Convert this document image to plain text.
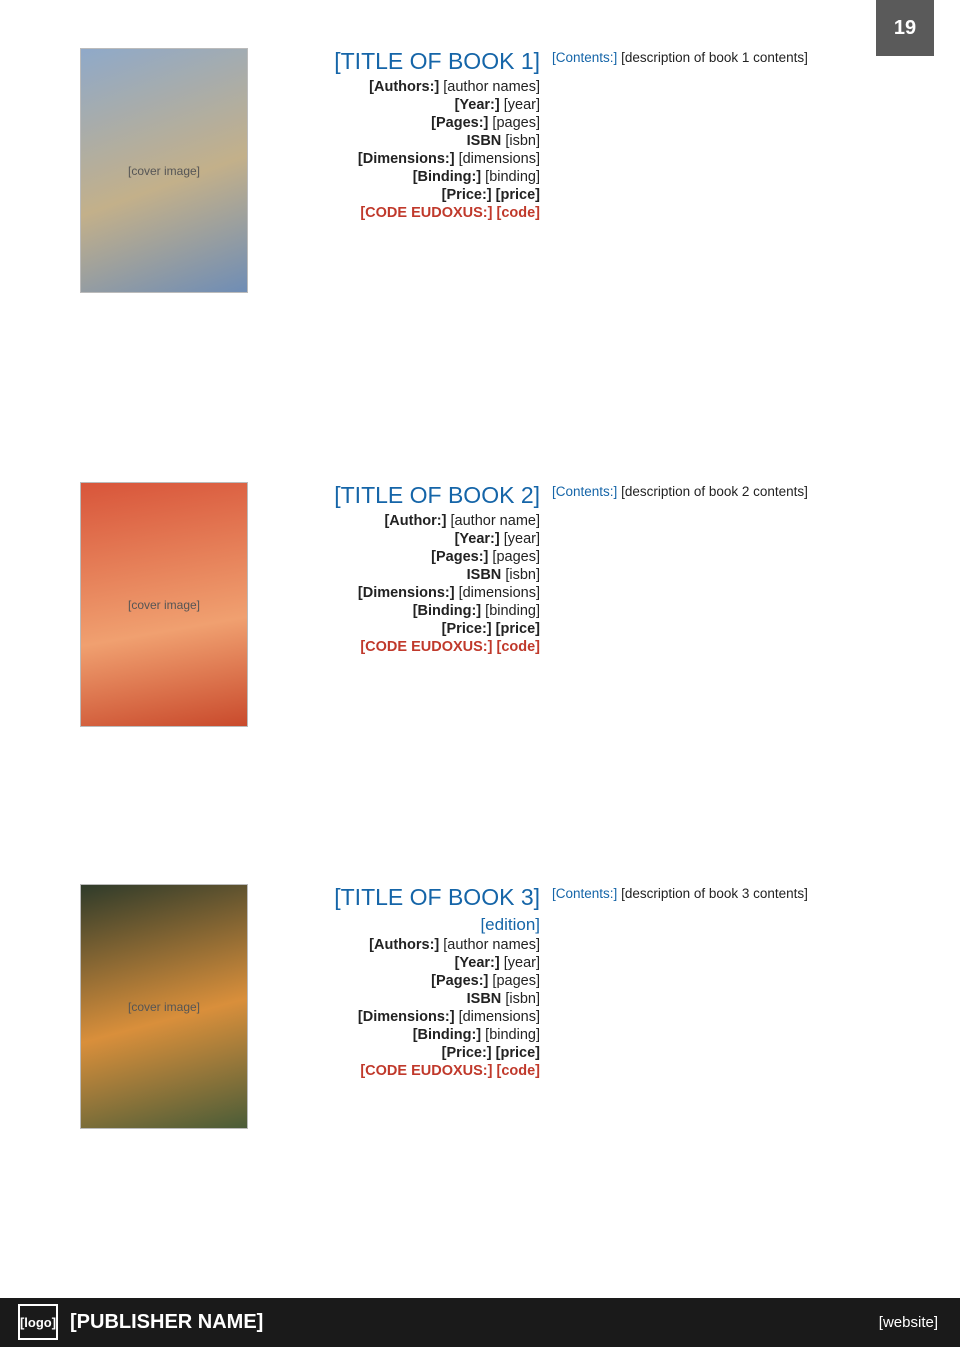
19
[cover image]
[TITLE OF BOOK 1]
[Authors:] [author names]
[Year:] [year]
[Pages:] [pages]
ISBN [isbn]
[Dimensions:] [dimensions]
[Binding:] [binding]
[Price:] [price]
[CODE EUDOXUS:] [code]
[Contents:] [description of book 1 contents]
[cover image]
[TITLE OF BOOK 2]
[Author:] [author name]
[Year:] [year]
[Pages:] [pages]
ISBN [isbn]
[Dimensions:] [dimensions]
[Binding:] [binding]
[Price:] [price]
[CODE EUDOXUS:] [code]
[Contents:] [description of book 2 contents]
[cover image]
[TITLE OF BOOK 3]
[edition]
[Authors:] [author names]
[Year:] [year]
[Pages:] [pages]
ISBN [isbn]
[Dimensions:] [dimensions]
[Binding:] [binding]
[Price:] [price]
[CODE EUDOXUS:] [code]
[Contents:] [description of book 3 contents]
[logo] [PUBLISHER NAME]	[website]
